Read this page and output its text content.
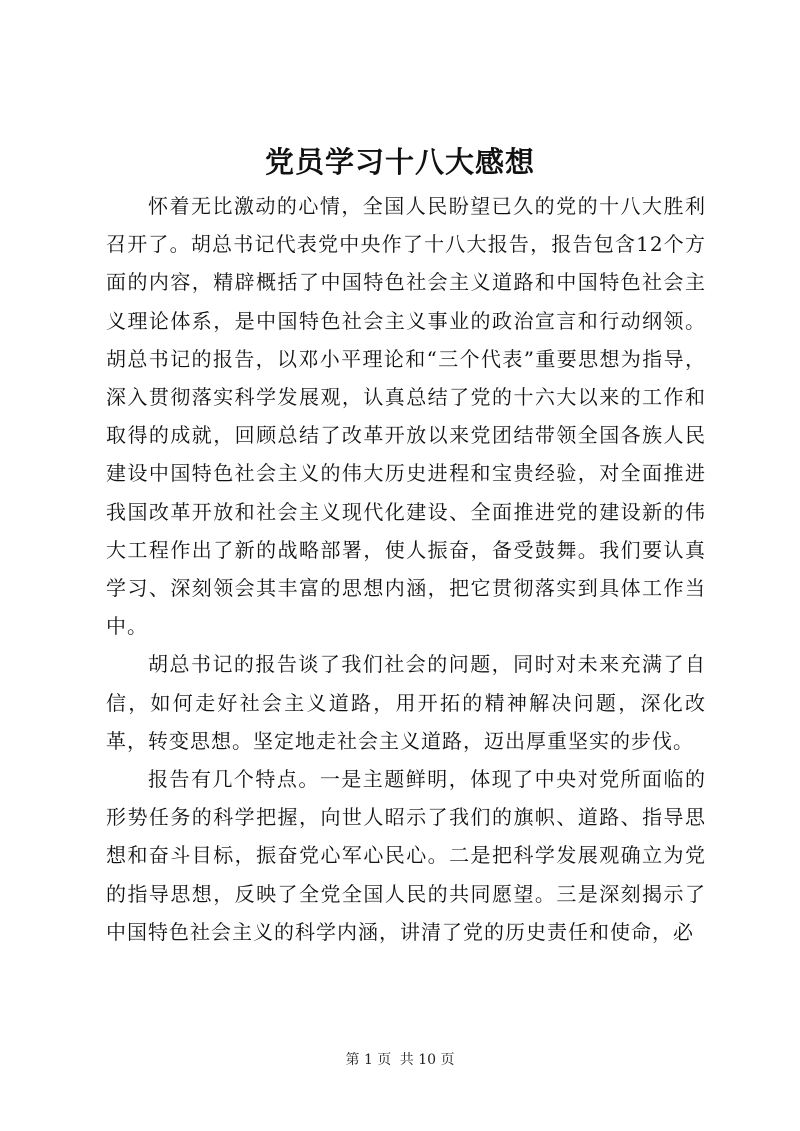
党员学习十八大感想

怀着无比激动的心情，全国人民盼望已久的党的十八大胜利召开了。胡总书记代表党中央作了十八大报告，报告包含12个方面的内容，精辟概括了中国特色社会主义道路和中国特色社会主义理论体系，是中国特色社会主义事业的政治宣言和行动纲领。胡总书记的报告，以邓小平理论和“三个代表”重要思想为指导，深入贯彻落实科学发展观，认真总结了党的十六大以来的工作和取得的成就，回顾总结了改革开放以来党团结带领全国各族人民建设中国特色社会主义的伟大历史进程和宝贵经验，对全面推进我国改革开放和社会主义现代化建设、全面推进党的建设新的伟大工程作出了新的战略部署，使人振奋，备受鼓舞。我们要认真学习、深刻领会其丰富的思想内涵，把它贯彻落实到具体工作当中。

胡总书记的报告谈了我们社会的问题，同时对未来充满了自信，如何走好社会主义道路，用开拓的精神解决问题，深化改革，转变思想。坚定地走社会主义道路，迈出厚重坚实的步伐。

报告有几个特点。一是主题鲜明，体现了中央对党所面临的形势任务的科学把握，向世人昭示了我们的旗帜、道路、指导思想和奋斗目标，振奋党心军心民心。二是把科学发展观确立为党的指导思想，反映了全党全国人民的共同愿望。三是深刻揭示了中国特色社会主义的科学内涵，讲清了党的历史责任和使命，必

第 1 页 共 10 页
